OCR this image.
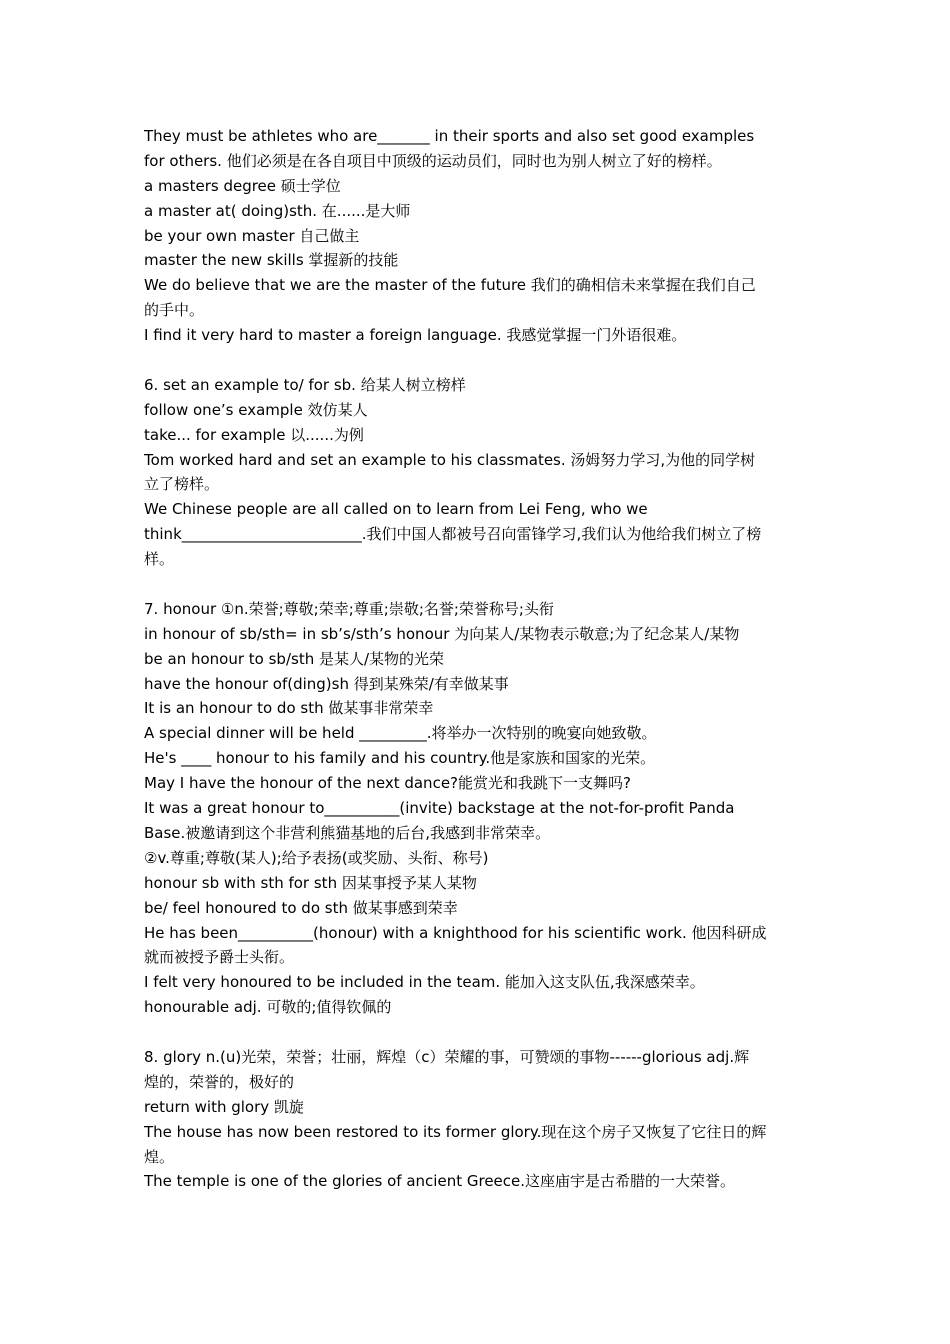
They must be athletes who are_______ in their sports and also set good examples
for others. 他们必须是在各自项目中顶级的运动员们，同时也为别人树立了好的榜样。
a masters degree 硕士学位
a master at( doing)sth. 在......是大师
be your own master 自己做主
master the new skills 掌握新的技能
We do believe that we are the master of the future 我们的确相信未来掌握在我们自己
的手中。
I find it very hard to master a foreign language. 我感觉掌握一门外语很难。
6. set an example to/ for sb. 给某人树立榜样
follow one’s example 效仿某人
take... for example 以......为例
Tom worked hard and set an example to his classmates. 汤姆努力学习,为他的同学树
立了榜样。
We Chinese people are all called on to learn from Lei Feng, who we
think________________________.我们中国人都被号召向雷锋学习,我们认为他给我们树立了榜
样。
7. honour ①n.荣誉;尊敬;荣幸;尊重;崇敬;名誉;荣誉称号;头衔
in honour of sb/sth= in sb’s/sth’s honour 为向某人/某物表示敬意;为了纪念某人/某物
be an honour to sb/sth 是某人/某物的光荣
have the honour of(ding)sh 得到某殊荣/有幸做某事
It is an honour to do sth 做某事非常荣幸
A special dinner will be held _________.将举办一次特别的晚宴向她致敬。
He's ____ honour to his family and his country.他是家族和国家的光荣。
May I have the honour of the next dance?能赏光和我跳下一支舞吗?
It was a great honour to__________(invite) backstage at the not-for-profit Panda
Base.被邀请到这个非营利熊猫基地的后台,我感到非常荣幸。
②v.尊重;尊敬(某人);给予表扬(或奖励、头衔、称号)
honour sb with sth for sth 因某事授予某人某物
be/ feel honoured to do sth 做某事感到荣幸
He has been__________(honour) with a knighthood for his scientific work. 他因科研成
就而被授予爵士头衔。
I felt very honoured to be included in the team. 能加入这支队伍,我深感荣幸。
honourable adj. 可敬的;值得钦佩的
8. glory n.(u)光荣，荣誉；壮丽，辉煌（c）荣耀的事，可赞颂的事物------glorious adj.辉
煌的，荣誉的，极好的
return with glory 凯旋
The house has now been restored to its former glory.现在这个房子又恢复了它往日的辉
煌。
The temple is one of the glories of ancient Greece.这座庙宇是古希腊的一大荣誉。
